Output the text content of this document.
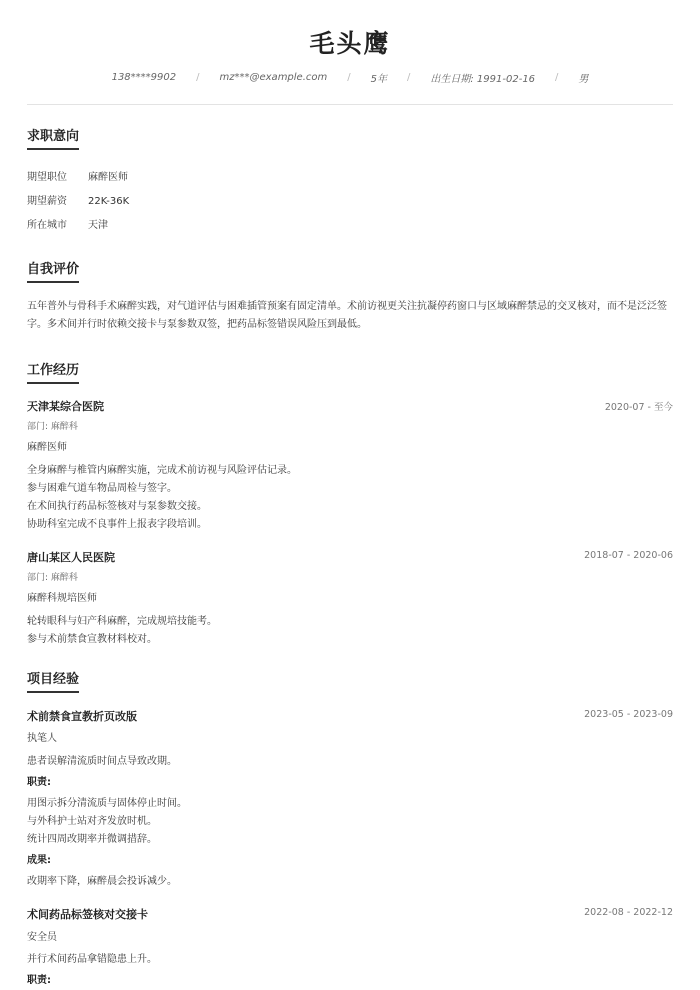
毛头鹰
138****9902 / mz***@example.com / 5年 / 出生日期: 1991-02-16 / 男
求职意向
期望职位 麻醉医师
期望薪资 22K-36K
所在城市 天津
自我评价
五年普外与骨科手术麻醉实践，对气道评估与困难插管预案有固定清单。术前访视更关注抗凝停药窗口与区域麻醉禁忌的交叉核对，而不是泛泛签字。多术间并行时依赖交接卡与泵参数双签，把药品标签错误风险压到最低。
工作经历
天津某综合医院	2020-07 - 至今
部门: 麻醉科
麻醉医师
全身麻醉与椎管内麻醉实施，完成术前访视与风险评估记录。
参与困难气道车物品周检与签字。
在术间执行药品标签核对与泵参数交接。
协助科室完成不良事件上报表字段培训。
唐山某区人民医院	2018-07 - 2020-06
部门: 麻醉科
麻醉科规培医师
轮转眼科与妇产科麻醉，完成规培技能考。
参与术前禁食宣教材料校对。
项目经验
术前禁食宣教折页改版	2023-05 - 2023-09
执笔人
患者误解清流质时间点导致改期。
职责:
用图示拆分清流质与固体停止时间。
与外科护士站对齐发放时机。
统计四周改期率并微调措辞。
成果:
改期率下降，麻醉晨会投诉减少。
术间药品标签核对交接卡	2022-08 - 2022-12
安全员
并行术间药品拿错隐患上升。
职责:
